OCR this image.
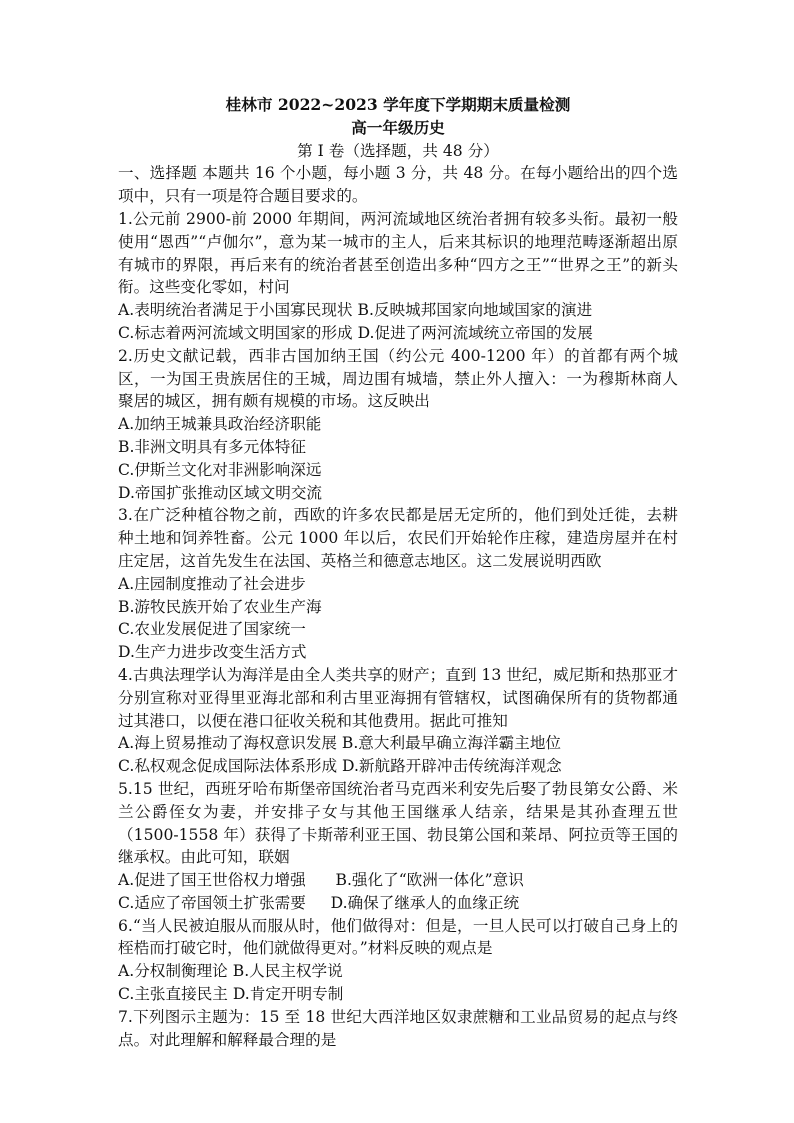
桂林市 2022~2023 学年度下学期期末质量检测
高一年级历史
第 I 卷（选择题，共 48 分）

一、选择题 本题共 16 个小题，每小题 3 分，共 48 分。在每小题给出的四个选项中，只有一项是符合题目要求的。

1.公元前 2900-前 2000 年期间，两河流域地区统治者拥有较多头衔。最初一般使用“恩西”“卢伽尔”，意为某一城市的主人，后来其标识的地理范畴逐渐超出原有城市的界限，再后来有的统治者甚至创造出多种“四方之王”“世界之王”的新头衔。这些变化零如，村问

A.表明统治者满足于小国寡民现状 B.反映城邦国家向地域国家的演进
C.标志着两河流域文明国家的形成 D.促进了两河流域统立帝国的发展

2.历史文献记载，西非古国加纳王国（约公元 400-1200 年）的首都有两个城区，一为国王贵族居住的王城，周边围有城墙，禁止外人擅入：一为穆斯林商人聚居的城区，拥有颇有规模的市场。这反映出

A.加纳王城兼具政治经济职能
B.非洲文明具有多元体特征
C.伊斯兰文化对非洲影响深远
D.帝国扩张推动区域文明交流

3.在广泛种植谷物之前，西欧的许多农民都是居无定所的，他们到处迁徙，去耕种土地和饲养牲畜。公元 1000 年以后，农民们开始轮作庄稼，建造房屋并在村庄定居，这首先发生在法国、英格兰和德意志地区。这二发展说明西欧

A.庄园制度推动了社会进步
B.游牧民族开始了农业生产海
C.农业发展促进了国家统一
D.生产力进步改变生活方式

4.古典法理学认为海洋是由全人类共享的财产；直到 13 世纪，威尼斯和热那亚才分别宣称对亚得里亚海北部和利古里亚海拥有管辖权，试图确保所有的货物都通过其港口，以便在港口征收关税和其他费用。据此可推知

A.海上贸易推动了海权意识发展 B.意大利最早确立海洋霸主地位
C.私权观念促成国际法体系形成 D.新航路开辟冲击传统海洋观念

5.15 世纪，西班牙哈布斯堡帝国统治者马克西米利安先后娶了勃艮第女公爵、米兰公爵侄女为妻，并安排子女与其他王国继承人结亲，结果是其孙查理五世（1500-1558 年）获得了卡斯蒂利亚王国、勃艮第公国和莱昂、阿拉贡等王国的继承权。由此可知，联姻

A.促进了国王世俗权力增强      B.强化了“欧洲一体化”意识
C.适应了帝国领土扩张需要     D.确保了继承人的血缘正统

6.“当人民被迫服从而服从时，他们做得对：但是，一旦人民可以打破自己身上的桎梏而打破它时，他们就做得更对。”材料反映的观点是

A.分权制衡理论 B.人民主权学说
C.主张直接民主 D.肯定开明专制

7.下列图示主题为：15 至 18 世纪大西洋地区奴隶蔗糖和工业品贸易的起点与终点。对此理解和解释最合理的是
